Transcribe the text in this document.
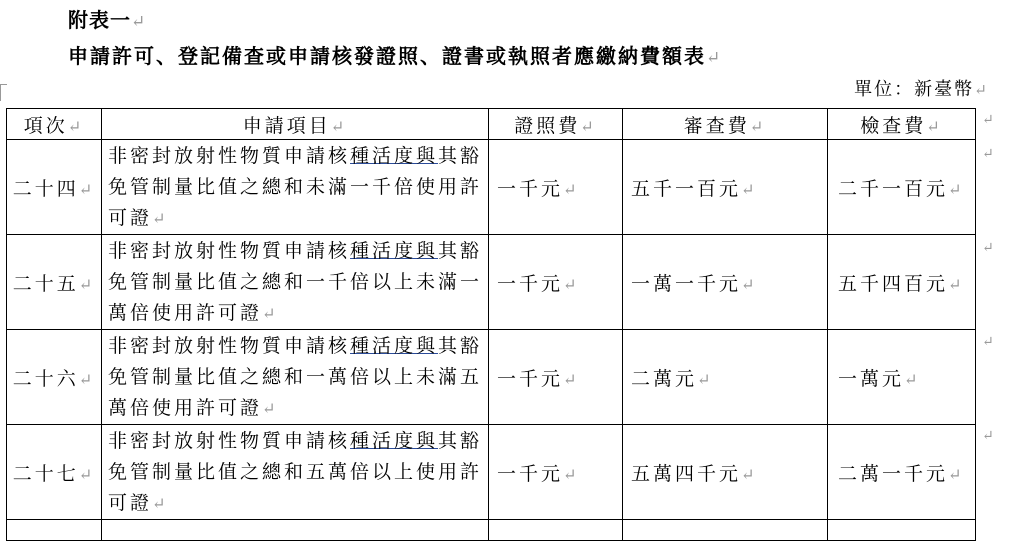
附表一↵
申請許可、登記備查或申請核發證照、證書或執照者應繳納費額表↵
單位：新臺幣↵
項次↵	申請項目↵	證照費↵	審查費↵	檢查費↵
二十四↵	非密封放射性物質申請核種活度與其豁免管制量比值之總和未滿一千倍使用許可證↵	一千元↵	五千一百元↵	二千一百元↵
二十五↵	非密封放射性物質申請核種活度與其豁免管制量比值之總和一千倍以上未滿一萬倍使用許可證↵	一千元↵	一萬一千元↵	五千四百元↵
二十六↵	非密封放射性物質申請核種活度與其豁免管制量比值之總和一萬倍以上未滿五萬倍使用許可證↵	一千元↵	二萬元↵	一萬元↵
二十七↵	非密封放射性物質申請核種活度與其豁免管制量比值之總和五萬倍以上使用許可證↵	一千元↵	五萬四千元↵	二萬一千元↵

↵
↵
↵
↵
↵
